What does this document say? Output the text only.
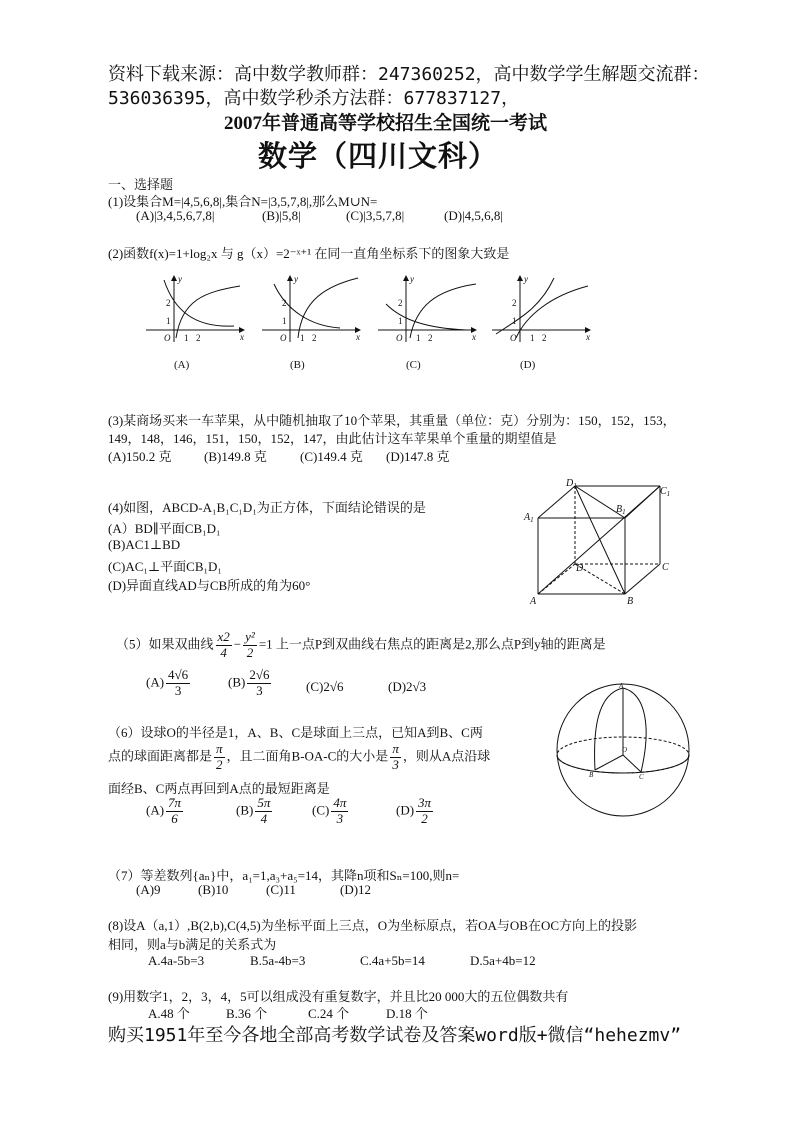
资料下载来源：高中数学教师群：247360252，高中数学学生解题交流群：
536036395，高中数学秒杀方法群：677837127，
2007年普通高等学校招生全国统一考试
数学（四川文科）
一、选择题
(1)设集合M=|4,5,6,8|,集合N=|3,5,7,8|,那么M∪N=
(A)|3,4,5,6,7,8|	(B)|5,8|	(C)|3,5,7,8|	(D)|4,5,6,8|
(2)函数f(x)=1+log₂x 与 g（x）=2⁻ˣ⁺¹ 在同一直角坐标系下的图象大致是
y
x
O 1 2
1
2
(A)
y
x
O 1 2
1
2
(B)
y
x
O 1 2
1
2
(C)
y
x
O 1 2
1
2
(D)
(3)某商场买来一车苹果，从中随机抽取了10个苹果，其重量（单位：克）分别为：150，152，153，
149，148，146，151，150，152，147，由此估计这车苹果单个重量的期望值是
(A)150.2 克 (B)149.8 克	(C)149.4 克 (D)147.8 克
(4)如图，ABCD-A₁B₁C₁D₁为正方体，下面结论错误的是
(A）BD∥平面CB₁D₁
(B)AC1⊥BD
(C)AC₁⊥平面CB₁D₁
(D)异面直线AD与CB所成的角为60°
$D_1$	$C_1$
$A_1$
$B_1$
D	C
A	B
（5）如果双曲线 $\frac{x2}{4} - \frac{\text{y²}}{2} =1$ 上一点P到双曲线右焦点的距离是2,那么点P到y轴的距离是
$(A) \frac{4√6}{3}$	$(B) \frac{2√6}{3}$	(C)2√6	(D)2√3
（6）设球O的半径是1，A、B、C是球面上三点，已知A到B、C两
点的球面距离都是 $\frac{\pi}{2}$ ，且二面角B-OA-C的大小是 $\frac{\pi}{3}$ ，则从A点沿球
面经B、C两点再回到A点的最短距离是
$(A) \frac{7\pi}{6}$	$(B) \frac{5\pi}{4}$	$(C) \frac{4\pi}{3}$	$(D) \frac{3\pi}{2}$
A
B	C
O
（7）等差数列{aₙ}中，a₁=1,a₃+a₅=14，其降n项和Sₙ=100,则n=
(A)9	(B)10	(C)11	(D)12
(8)设A（a,1）,B(2,b),C(4,5)为坐标平面上三点，O为坐标原点，若OA与OB在OC方向上的投影
相同，则a与b满足的关系式为
A.4a-5b=3	B.5a-4b=3	C.4a+5b=14	D.5a+4b=12
(9)用数字1，2，3，4，5可以组成没有重复数字，并且比20 000大的五位偶数共有
A.48 个	B.36 个	C.24 个	D.18 个
购买1951年至今各地全部高考数学试卷及答案word版+微信“hehezmv”
